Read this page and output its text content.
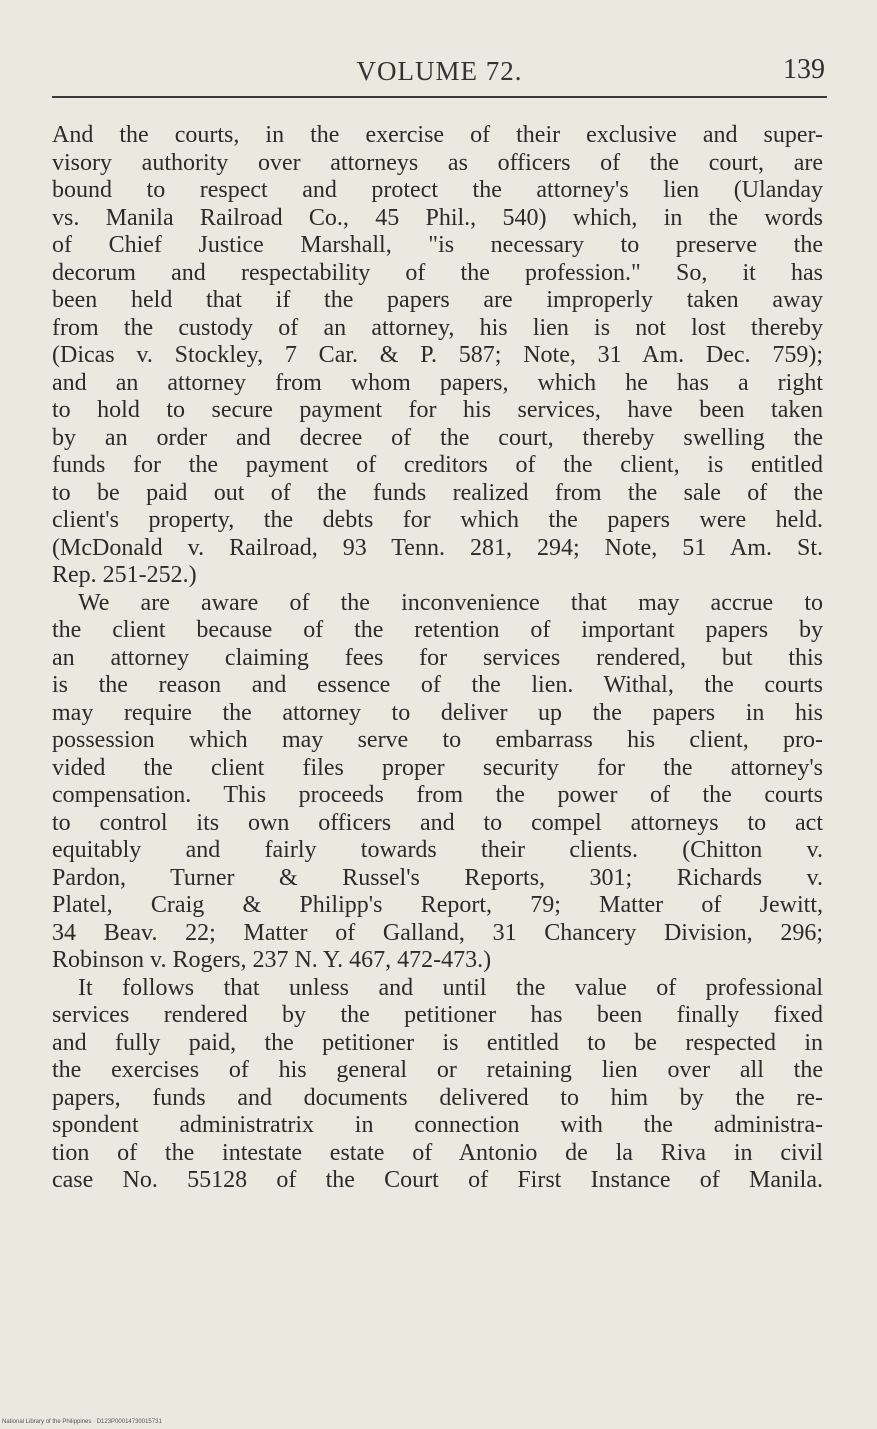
VOLUME 72.	139
And the courts, in the exercise of their exclusive and super-
visory authority over attorneys as officers of the court, are
bound to respect and protect the attorney's lien (Ulanday
vs. Manila Railroad Co., 45 Phil., 540) which, in the words
of Chief Justice Marshall, "is necessary to preserve the
decorum and respectability of the profession." So, it has
been held that if the papers are improperly taken away
from the custody of an attorney, his lien is not lost thereby
(Dicas v. Stockley, 7 Car. & P. 587; Note, 31 Am. Dec. 759);
and an attorney from whom papers, which he has a right
to hold to secure payment for his services, have been taken
by an order and decree of the court, thereby swelling the
funds for the payment of creditors of the client, is entitled
to be paid out of the funds realized from the sale of the
client's property, the debts for which the papers were held.
(McDonald v. Railroad, 93 Tenn. 281, 294; Note, 51 Am. St.
Rep. 251-252.)
We are aware of the inconvenience that may accrue to
the client because of the retention of important papers by
an attorney claiming fees for services rendered, but this
is the reason and essence of the lien. Withal, the courts
may require the attorney to deliver up the papers in his
possession which may serve to embarrass his client, pro-
vided the client files proper security for the attorney's
compensation. This proceeds from the power of the courts
to control its own officers and to compel attorneys to act
equitably and fairly towards their clients. (Chitton v.
Pardon, Turner & Russel's Reports, 301; Richards v.
Platel, Craig & Philipp's Report, 79; Matter of Jewitt,
34 Beav. 22; Matter of Galland, 31 Chancery Division, 296;
Robinson v. Rogers, 237 N. Y. 467, 472-473.)
It follows that unless and until the value of professional
services rendered by the petitioner has been finally fixed
and fully paid, the petitioner is entitled to be respected in
the exercises of his general or retaining lien over all the
papers, funds and documents delivered to him by the re-
spondent administratrix in connection with the administra-
tion of the intestate estate of Antonio de la Riva in civil
case No. 55128 of the Court of First Instance of Manila.
National Library of the Philippines · D123P00014730015731
